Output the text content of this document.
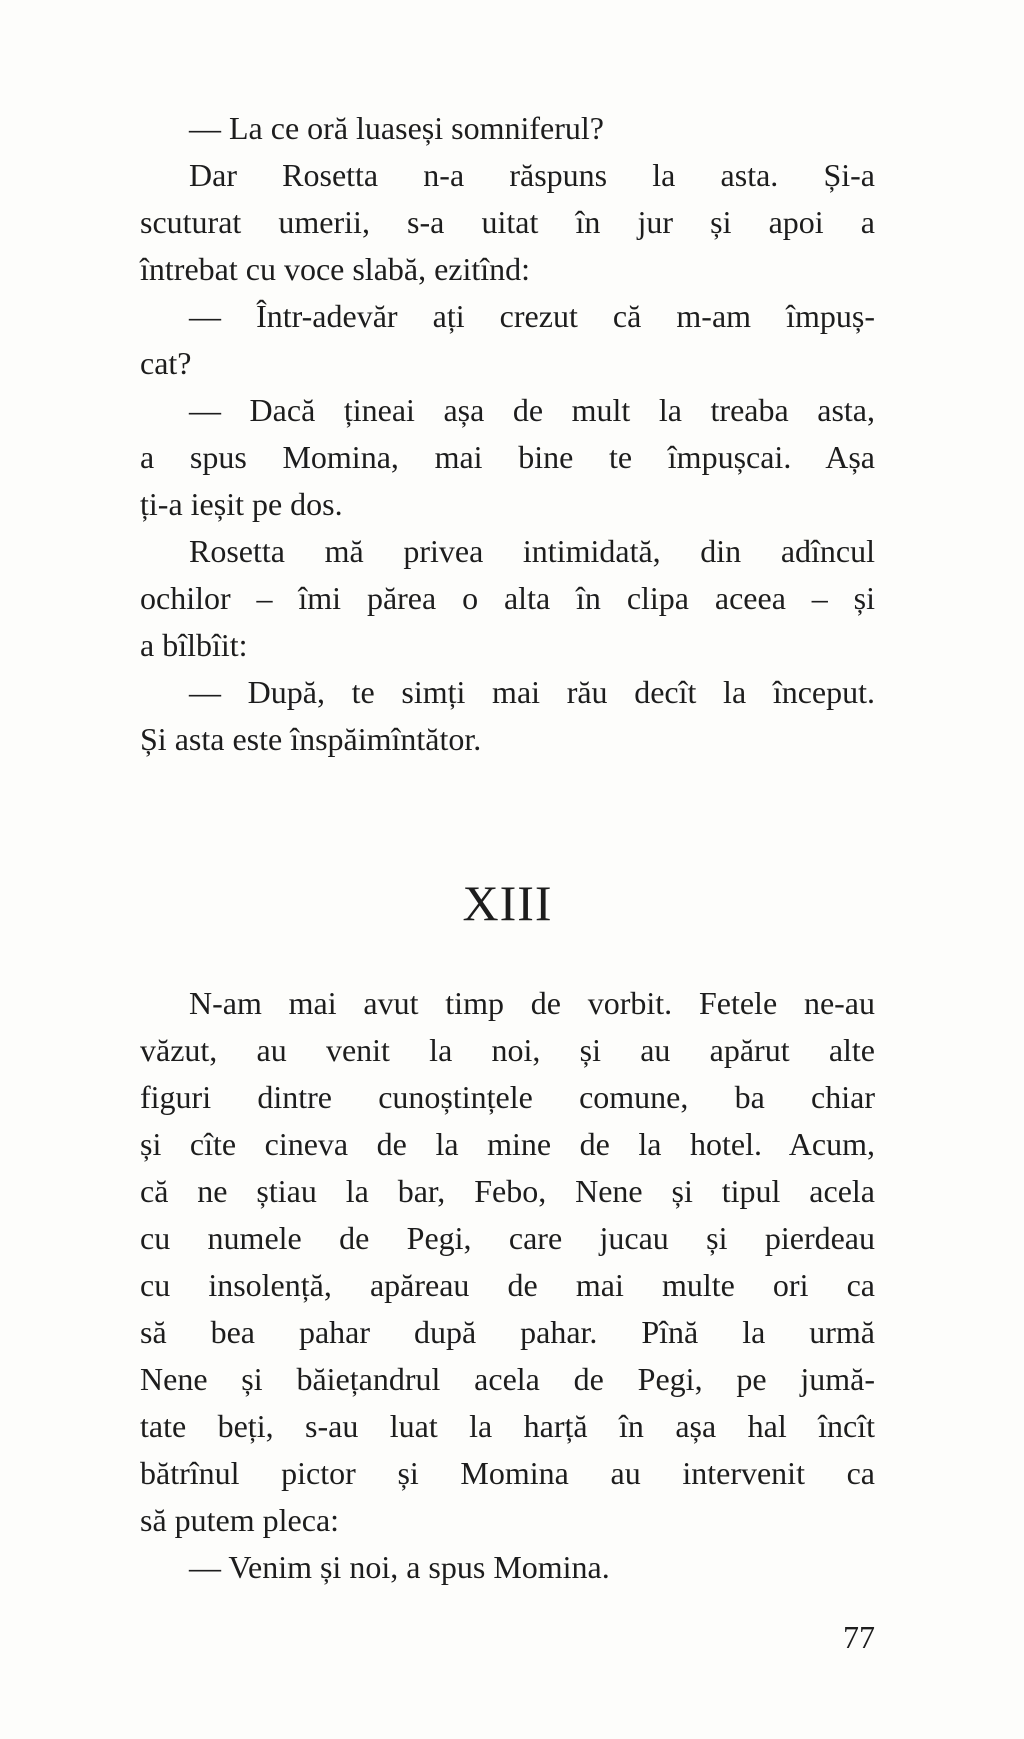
— La ce oră luaseși somniferul?
Dar Rosetta n-a răspuns la asta. Și-a
scuturat umerii, s-a uitat în jur și apoi a
întrebat cu voce slabă, ezitînd:
— Într-adevăr ați crezut că m-am împuș-
cat?
— Dacă țineai așa de mult la treaba asta,
a spus Momina, mai bine te împușcai. Așa
ți-a ieșit pe dos.
Rosetta mă privea intimidată, din adîncul
ochilor – îmi părea o alta în clipa aceea – și
a bîlbîit:
— După, te simți mai rău decît la început.
Și asta este înspăimîntător.
XIII
N-am mai avut timp de vorbit. Fetele ne-au
văzut, au venit la noi, și au apărut alte
figuri dintre cunoștințele comune, ba chiar
și cîte cineva de la mine de la hotel. Acum,
că ne știau la bar, Febo, Nene și tipul acela
cu numele de Pegi, care jucau și pierdeau
cu insolență, apăreau de mai multe ori ca
să bea pahar după pahar. Pînă la urmă
Nene și băiețandrul acela de Pegi, pe jumă-
tate beți, s-au luat la harță în așa hal încît
bătrînul pictor și Momina au intervenit ca
să putem pleca:
— Venim și noi, a spus Momina.
77
